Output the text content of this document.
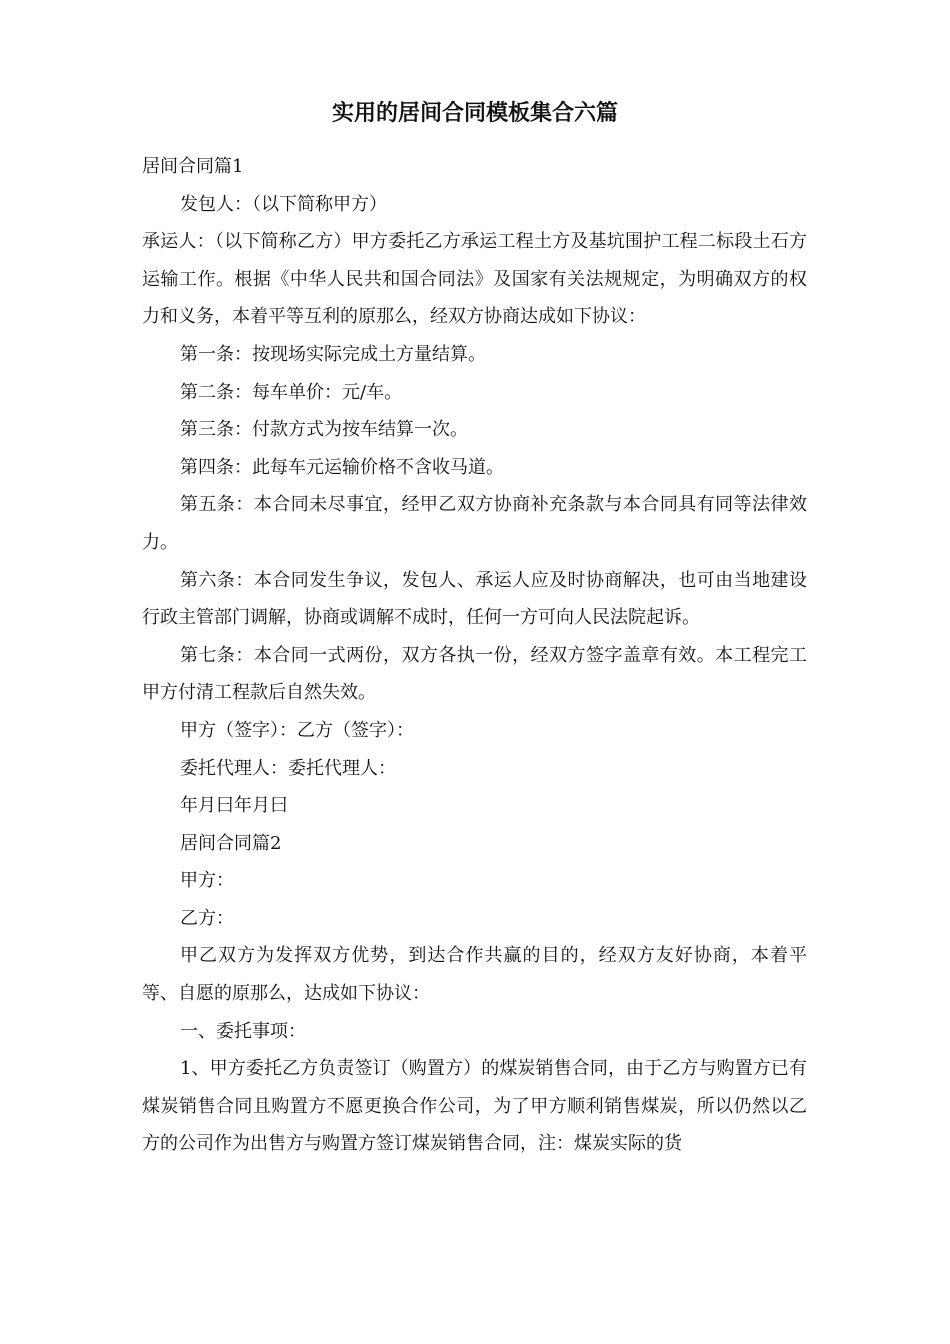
实用的居间合同模板集合六篇

居间合同篇1

发包人：（以下简称甲方）

承运人：（以下简称乙方）甲方委托乙方承运工程土方及基坑围护工程二标段土石方运输工作。根据《中华人民共和国合同法》及国家有关法规规定，为明确双方的权力和义务，本着平等互利的原那么，经双方协商达成如下协议：

第一条：按现场实际完成土方量结算。

第二条：每车单价：元/车。

第三条：付款方式为按车结算一次。

第四条：此每车元运输价格不含收马道。

第五条：本合同未尽事宜，经甲乙双方协商补充条款与本合同具有同等法律效力。

第六条：本合同发生争议，发包人、承运人应及时协商解决，也可由当地建设行政主管部门调解，协商或调解不成时，任何一方可向人民法院起诉。

第七条：本合同一式两份，双方各执一份，经双方签字盖章有效。本工程完工甲方付清工程款后自然失效。

甲方（签字）：乙方（签字）：

委托代理人：委托代理人：

年月曰年月曰

居间合同篇2

甲方：

乙方：

甲乙双方为发挥双方优势，到达合作共赢的目的，经双方友好协商，本着平等、自愿的原那么，达成如下协议：

一、委托事项：

1、甲方委托乙方负责签订（购置方）的煤炭销售合同，由于乙方与购置方已有煤炭销售合同且购置方不愿更换合作公司，为了甲方顺利销售煤炭，所以仍然以乙方的公司作为出售方与购置方签订煤炭销售合同，注：煤炭实际的货
